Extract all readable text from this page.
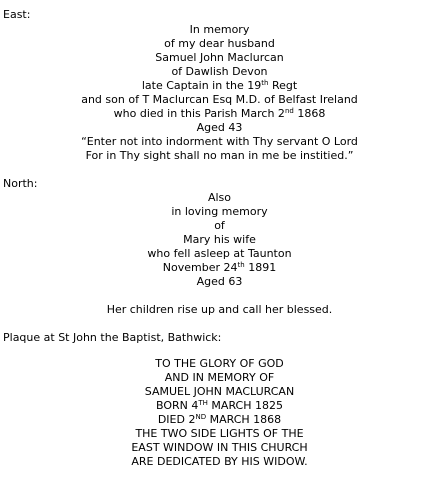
East:
In memory
of my dear husband
Samuel John Maclurcan
of Dawlish Devon
late Captain in the 19th Regt
and son of T Maclurcan Esq M.D. of Belfast Ireland
who died in this Parish March 2nd 1868
Aged 43
“Enter not into indorment with Thy servant O Lord
For in Thy sight shall no man in me be institied.”
North:
Also
in loving memory
of
Mary his wife
who fell asleep at Taunton
November 24th 1891
Aged 63
Her children rise up and call her blessed.
Plaque at St John the Baptist, Bathwick:
TO THE GLORY OF GOD
AND IN MEMORY OF
SAMUEL JOHN MACLURCAN
BORN 4TH MARCH 1825
DIED 2ND MARCH 1868
THE TWO SIDE LIGHTS OF THE
EAST WINDOW IN THIS CHURCH
ARE DEDICATED BY HIS WIDOW.
